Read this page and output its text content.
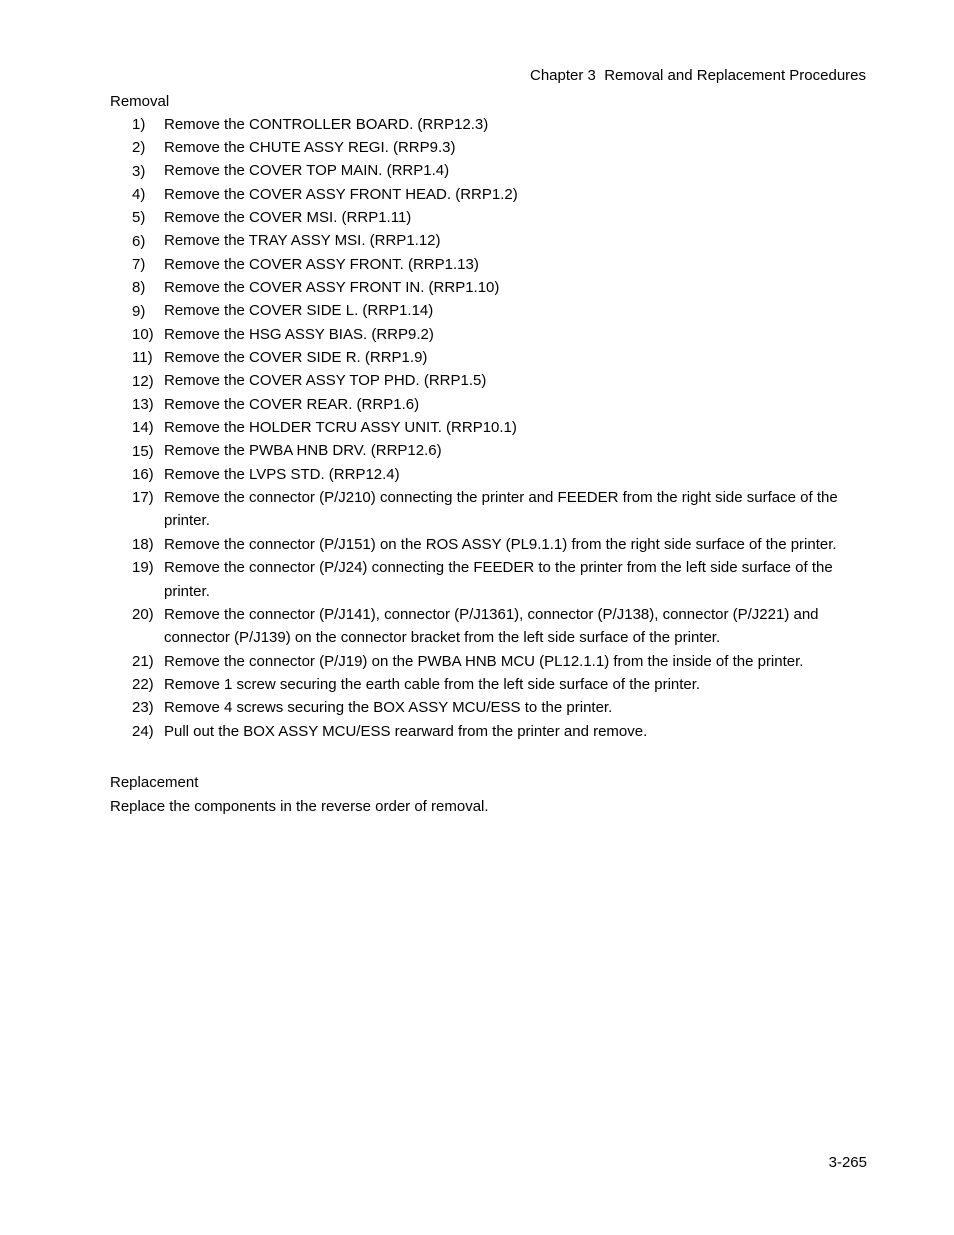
Chapter 3  Removal and Replacement Procedures
Removal
1)	Remove the CONTROLLER BOARD. (RRP12.3)
2)	Remove the CHUTE ASSY REGI. (RRP9.3)
3)	Remove the COVER TOP MAIN. (RRP1.4)
4)	Remove the COVER ASSY FRONT HEAD. (RRP1.2)
5)	Remove the COVER MSI. (RRP1.11)
6)	Remove the TRAY ASSY MSI. (RRP1.12)
7)	Remove the COVER ASSY FRONT. (RRP1.13)
8)	Remove the COVER ASSY FRONT IN. (RRP1.10)
9)	Remove the COVER SIDE L. (RRP1.14)
10) Remove the HSG ASSY BIAS. (RRP9.2)
11) Remove the COVER SIDE R. (RRP1.9)
12) Remove the COVER ASSY TOP PHD. (RRP1.5)
13) Remove the COVER REAR. (RRP1.6)
14) Remove the HOLDER TCRU ASSY UNIT. (RRP10.1)
15) Remove the PWBA HNB DRV. (RRP12.6)
16) Remove the LVPS STD. (RRP12.4)
17) Remove the connector (P/J210) connecting the printer and FEEDER from the right side surface of the printer.
18) Remove the connector (P/J151) on the ROS ASSY (PL9.1.1) from the right side surface of the printer.
19) Remove the connector (P/J24) connecting the FEEDER to the printer from the left side surface of the printer.
20) Remove the connector (P/J141), connector (P/J1361), connector (P/J138), connector (P/J221) and connector (P/J139) on the connector bracket from the left side surface of the printer.
21) Remove the connector (P/J19) on the PWBA HNB MCU (PL12.1.1) from the inside of the printer.
22) Remove 1 screw securing the earth cable from the left side surface of the printer.
23) Remove 4 screws securing the BOX ASSY MCU/ESS to the printer.
24) Pull out the BOX ASSY MCU/ESS rearward from the printer and remove.
Replacement
Replace the components in the reverse order of removal.
3-265
